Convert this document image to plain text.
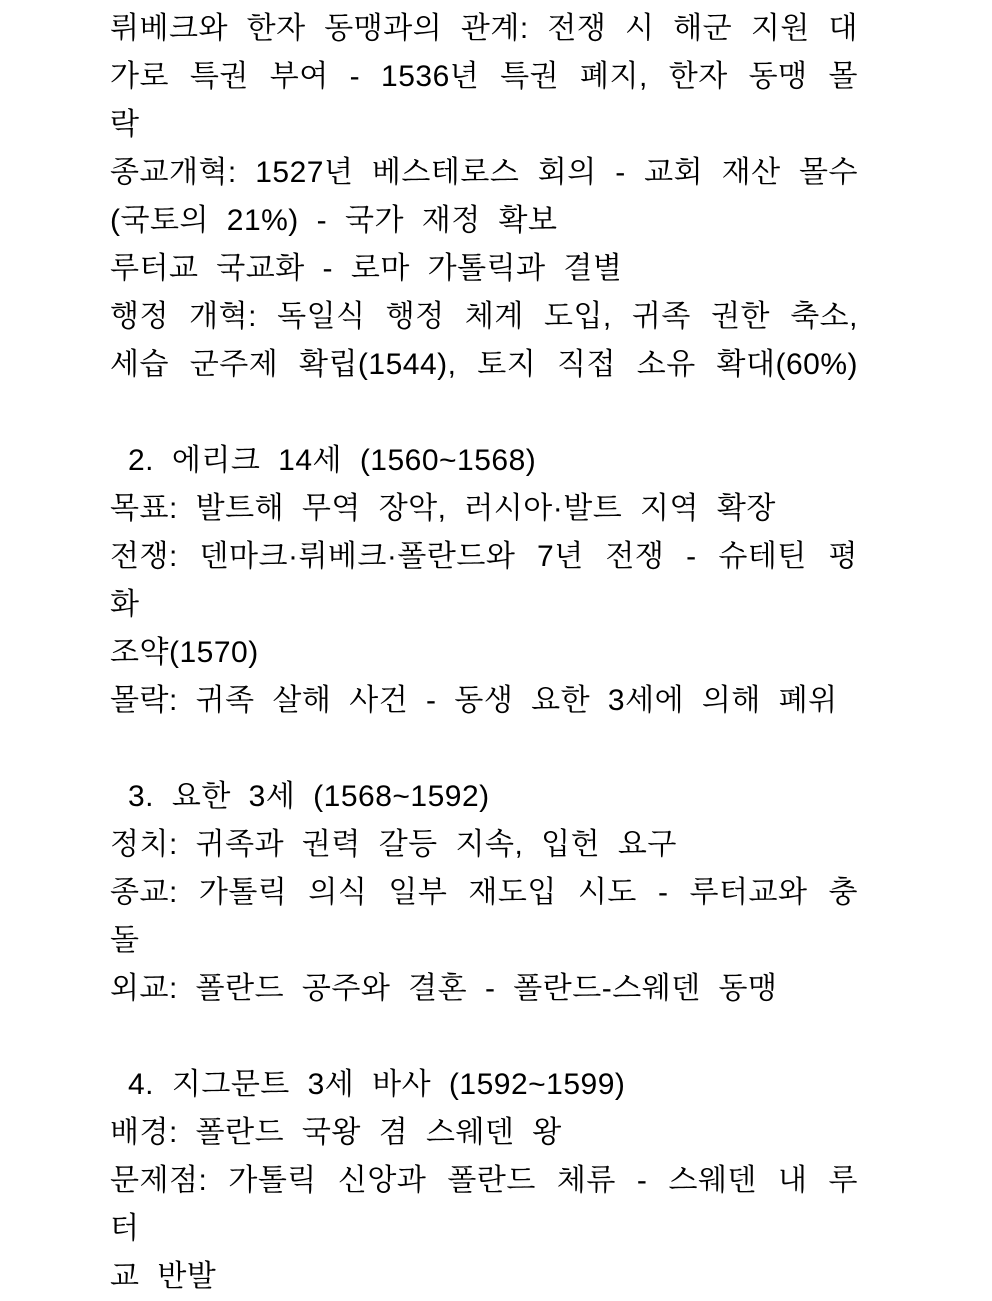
뤼베크와 한자 동맹과의 관계: 전쟁 시 해군 지원 대
가로 특권 부여 - 1536년 특권 폐지, 한자 동맹 몰락
종교개혁: 1527년 베스테로스 회의 - 교회 재산 몰수
(국토의 21%) - 국가 재정 확보
루터교 국교화 - 로마 가톨릭과 결별
행정 개혁: 독일식 행정 체계 도입, 귀족 권한 축소,
세습 군주제 확립(1544), 토지 직접 소유 확대(60%)
2. 에리크 14세 (1560~1568)
목표: 발트해 무역 장악, 러시아·발트 지역 확장
전쟁: 덴마크·뤼베크·폴란드와 7년 전쟁 - 슈테틴 평화
조약(1570)
몰락: 귀족 살해 사건 - 동생 요한 3세에 의해 폐위
3. 요한 3세 (1568~1592)
정치: 귀족과 권력 갈등 지속, 입헌 요구
종교: 가톨릭 의식 일부 재도입 시도 - 루터교와 충돌
외교: 폴란드 공주와 결혼 - 폴란드-스웨덴 동맹
4. 지그문트 3세 바사 (1592~1599)
배경: 폴란드 국왕 겸 스웨덴 왕
문제점: 가톨릭 신앙과 폴란드 체류 - 스웨덴 내 루터
교 반발
